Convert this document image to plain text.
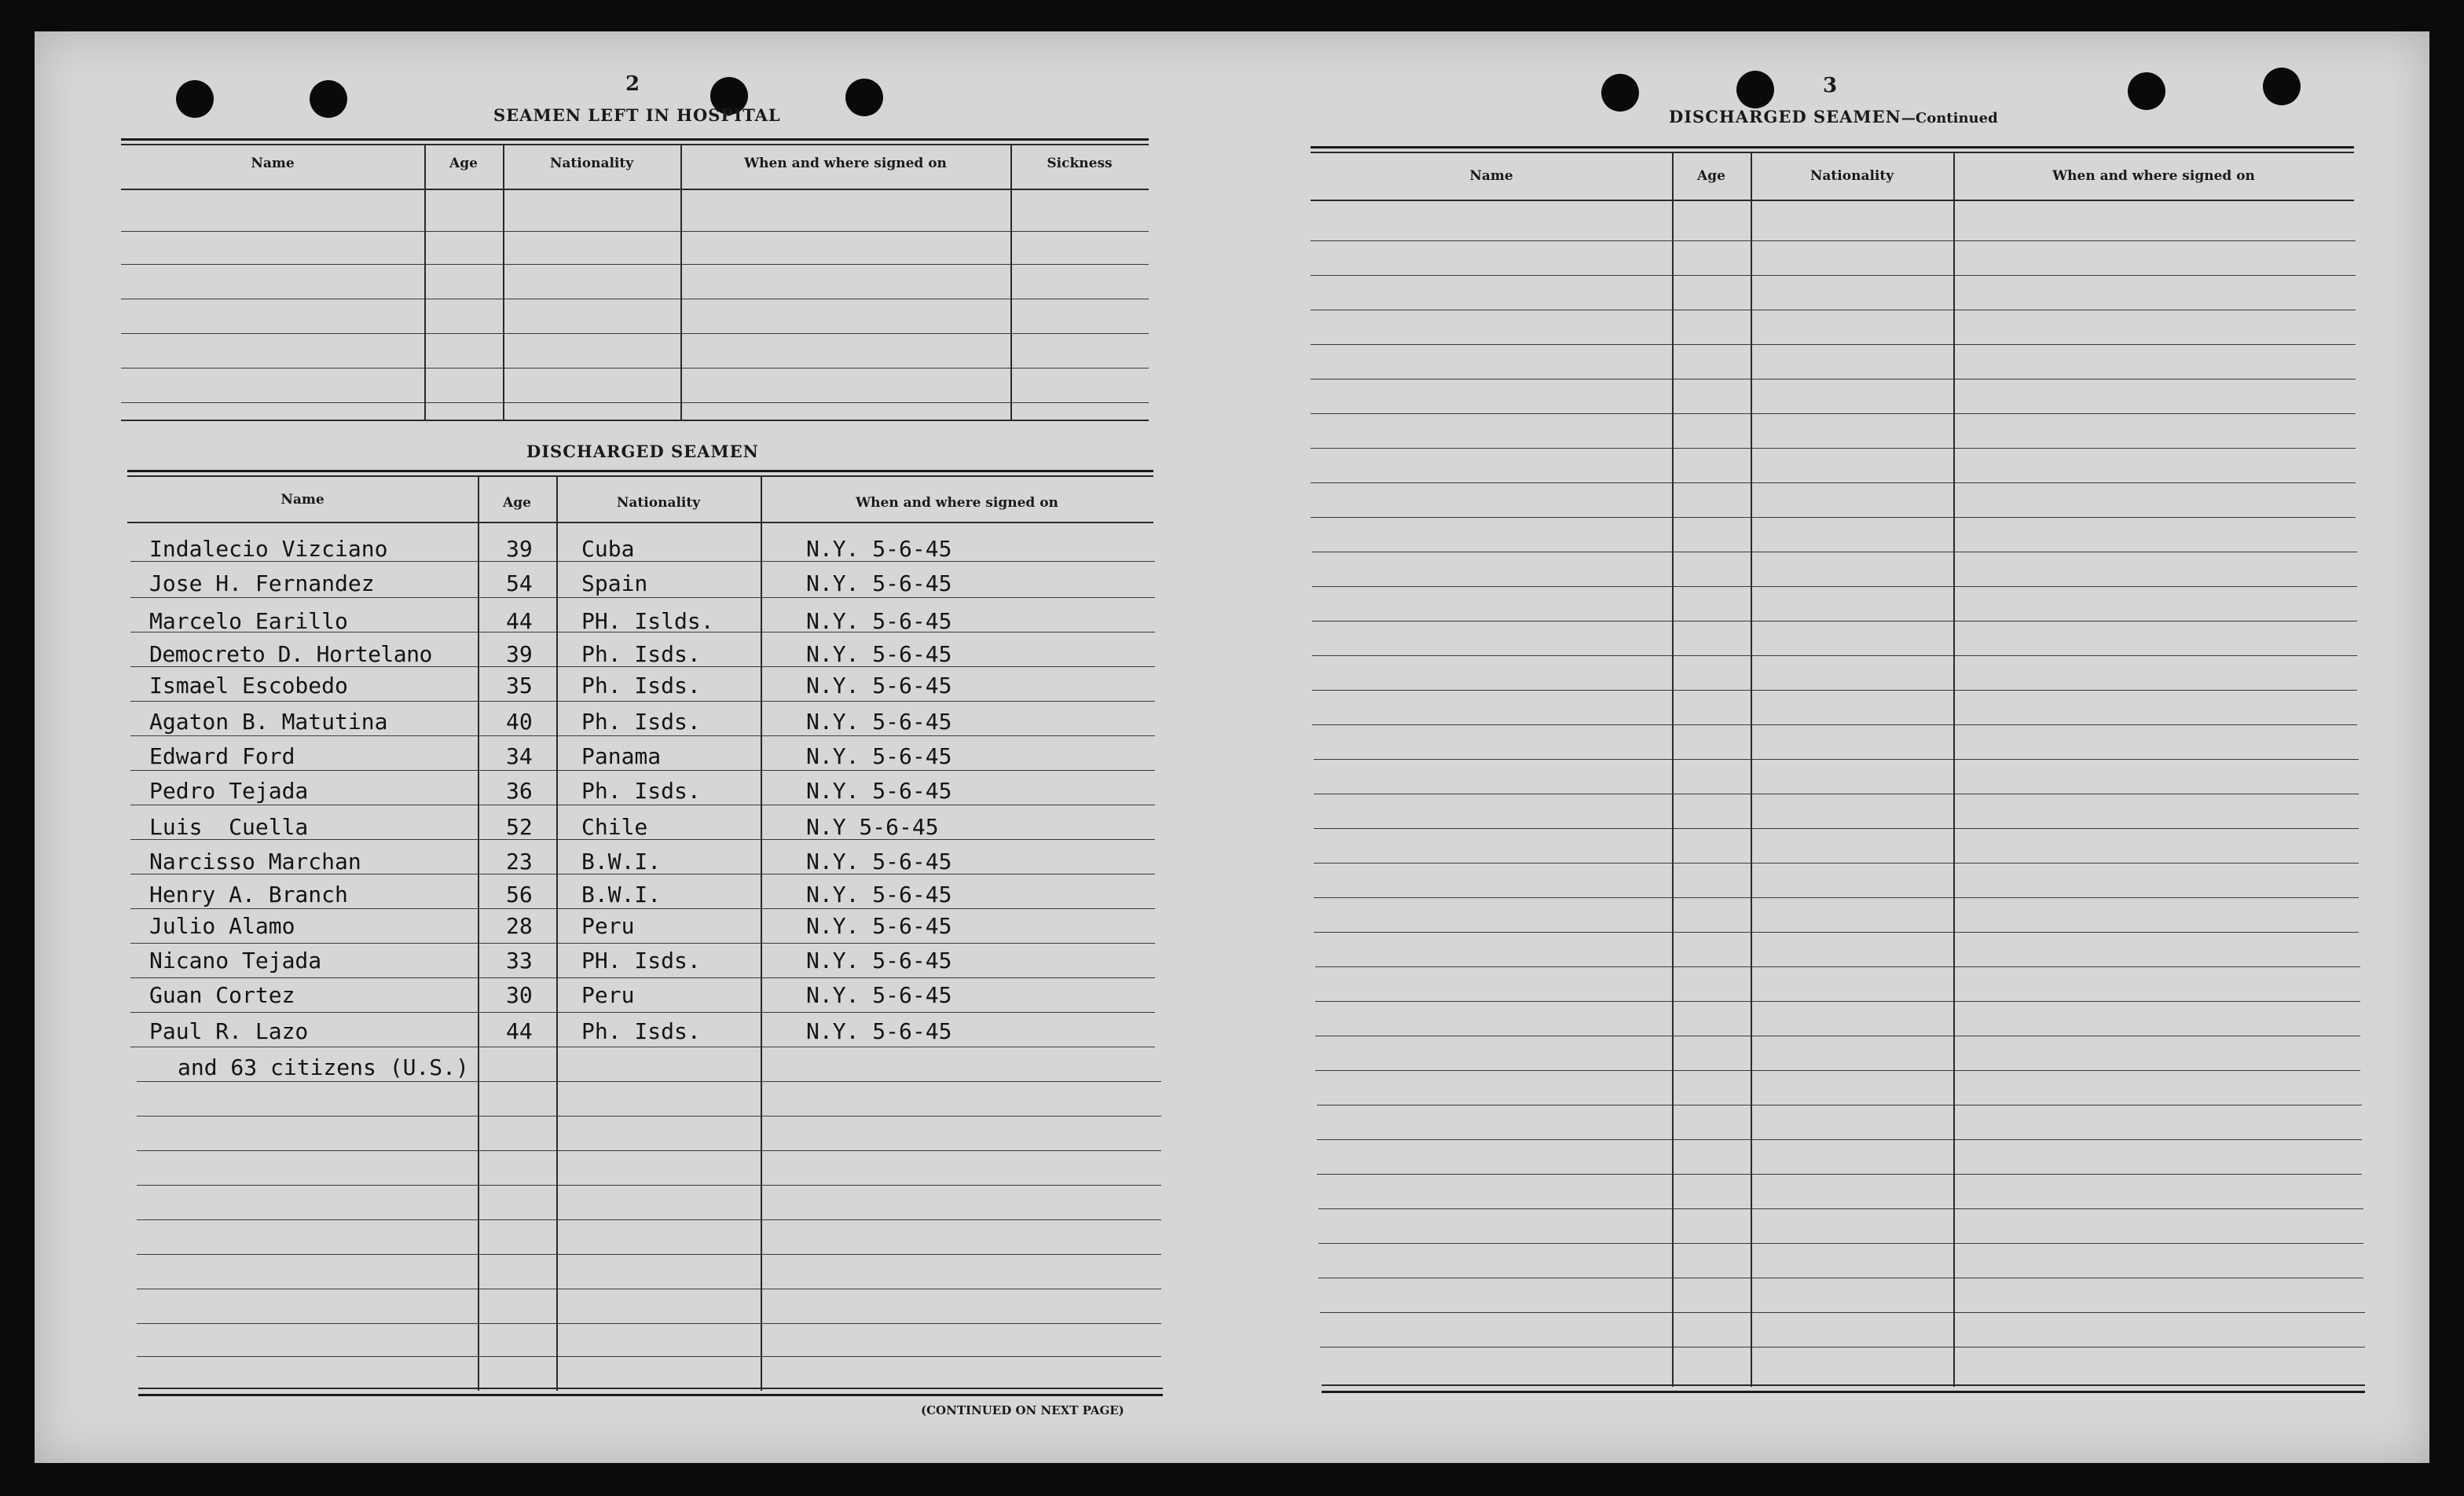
2
SEAMEN LEFT IN HOSPITAL
Name	Age	Nationality	When and where signed on	Sickness
DISCHARGED SEAMEN
Name	Age	Nationality	When and where signed on
Indalecio Vizciano	39 Cuba	N.Y. 5-6-45
Jose H. Fernandez	54 Spain	N.Y. 5-6-45
Marcelo Earillo	44 PH. Islds.	N.Y. 5-6-45
Democreto D. Hortelano	39 Ph. Isds.	N.Y. 5-6-45
Ismael Escobedo	35 Ph. Isds.	N.Y. 5-6-45
Agaton B. Matutina	40 Ph. Isds.	N.Y. 5-6-45
Edward Ford	34 Panama	N.Y. 5-6-45
Pedro Tejada	36 Ph. Isds.	N.Y. 5-6-45
Luis  Cuella	52 Chile	N.Y 5-6-45
Narcisso Marchan	23 B.W.I.	N.Y. 5-6-45
Henry A. Branch	56 B.W.I.	N.Y. 5-6-45
Julio Alamo	28 Peru	N.Y. 5-6-45
Nicano Tejada	33 PH. Isds.	N.Y. 5-6-45
Guan Cortez	30 Peru	N.Y. 5-6-45
Paul R. Lazo	44 Ph. Isds.	N.Y. 5-6-45
and 63 citizens (U.S.)
(CONTINUED ON NEXT PAGE)
3
DISCHARGED SEAMEN—Continued
Name	Age	Nationality	When and where signed on
